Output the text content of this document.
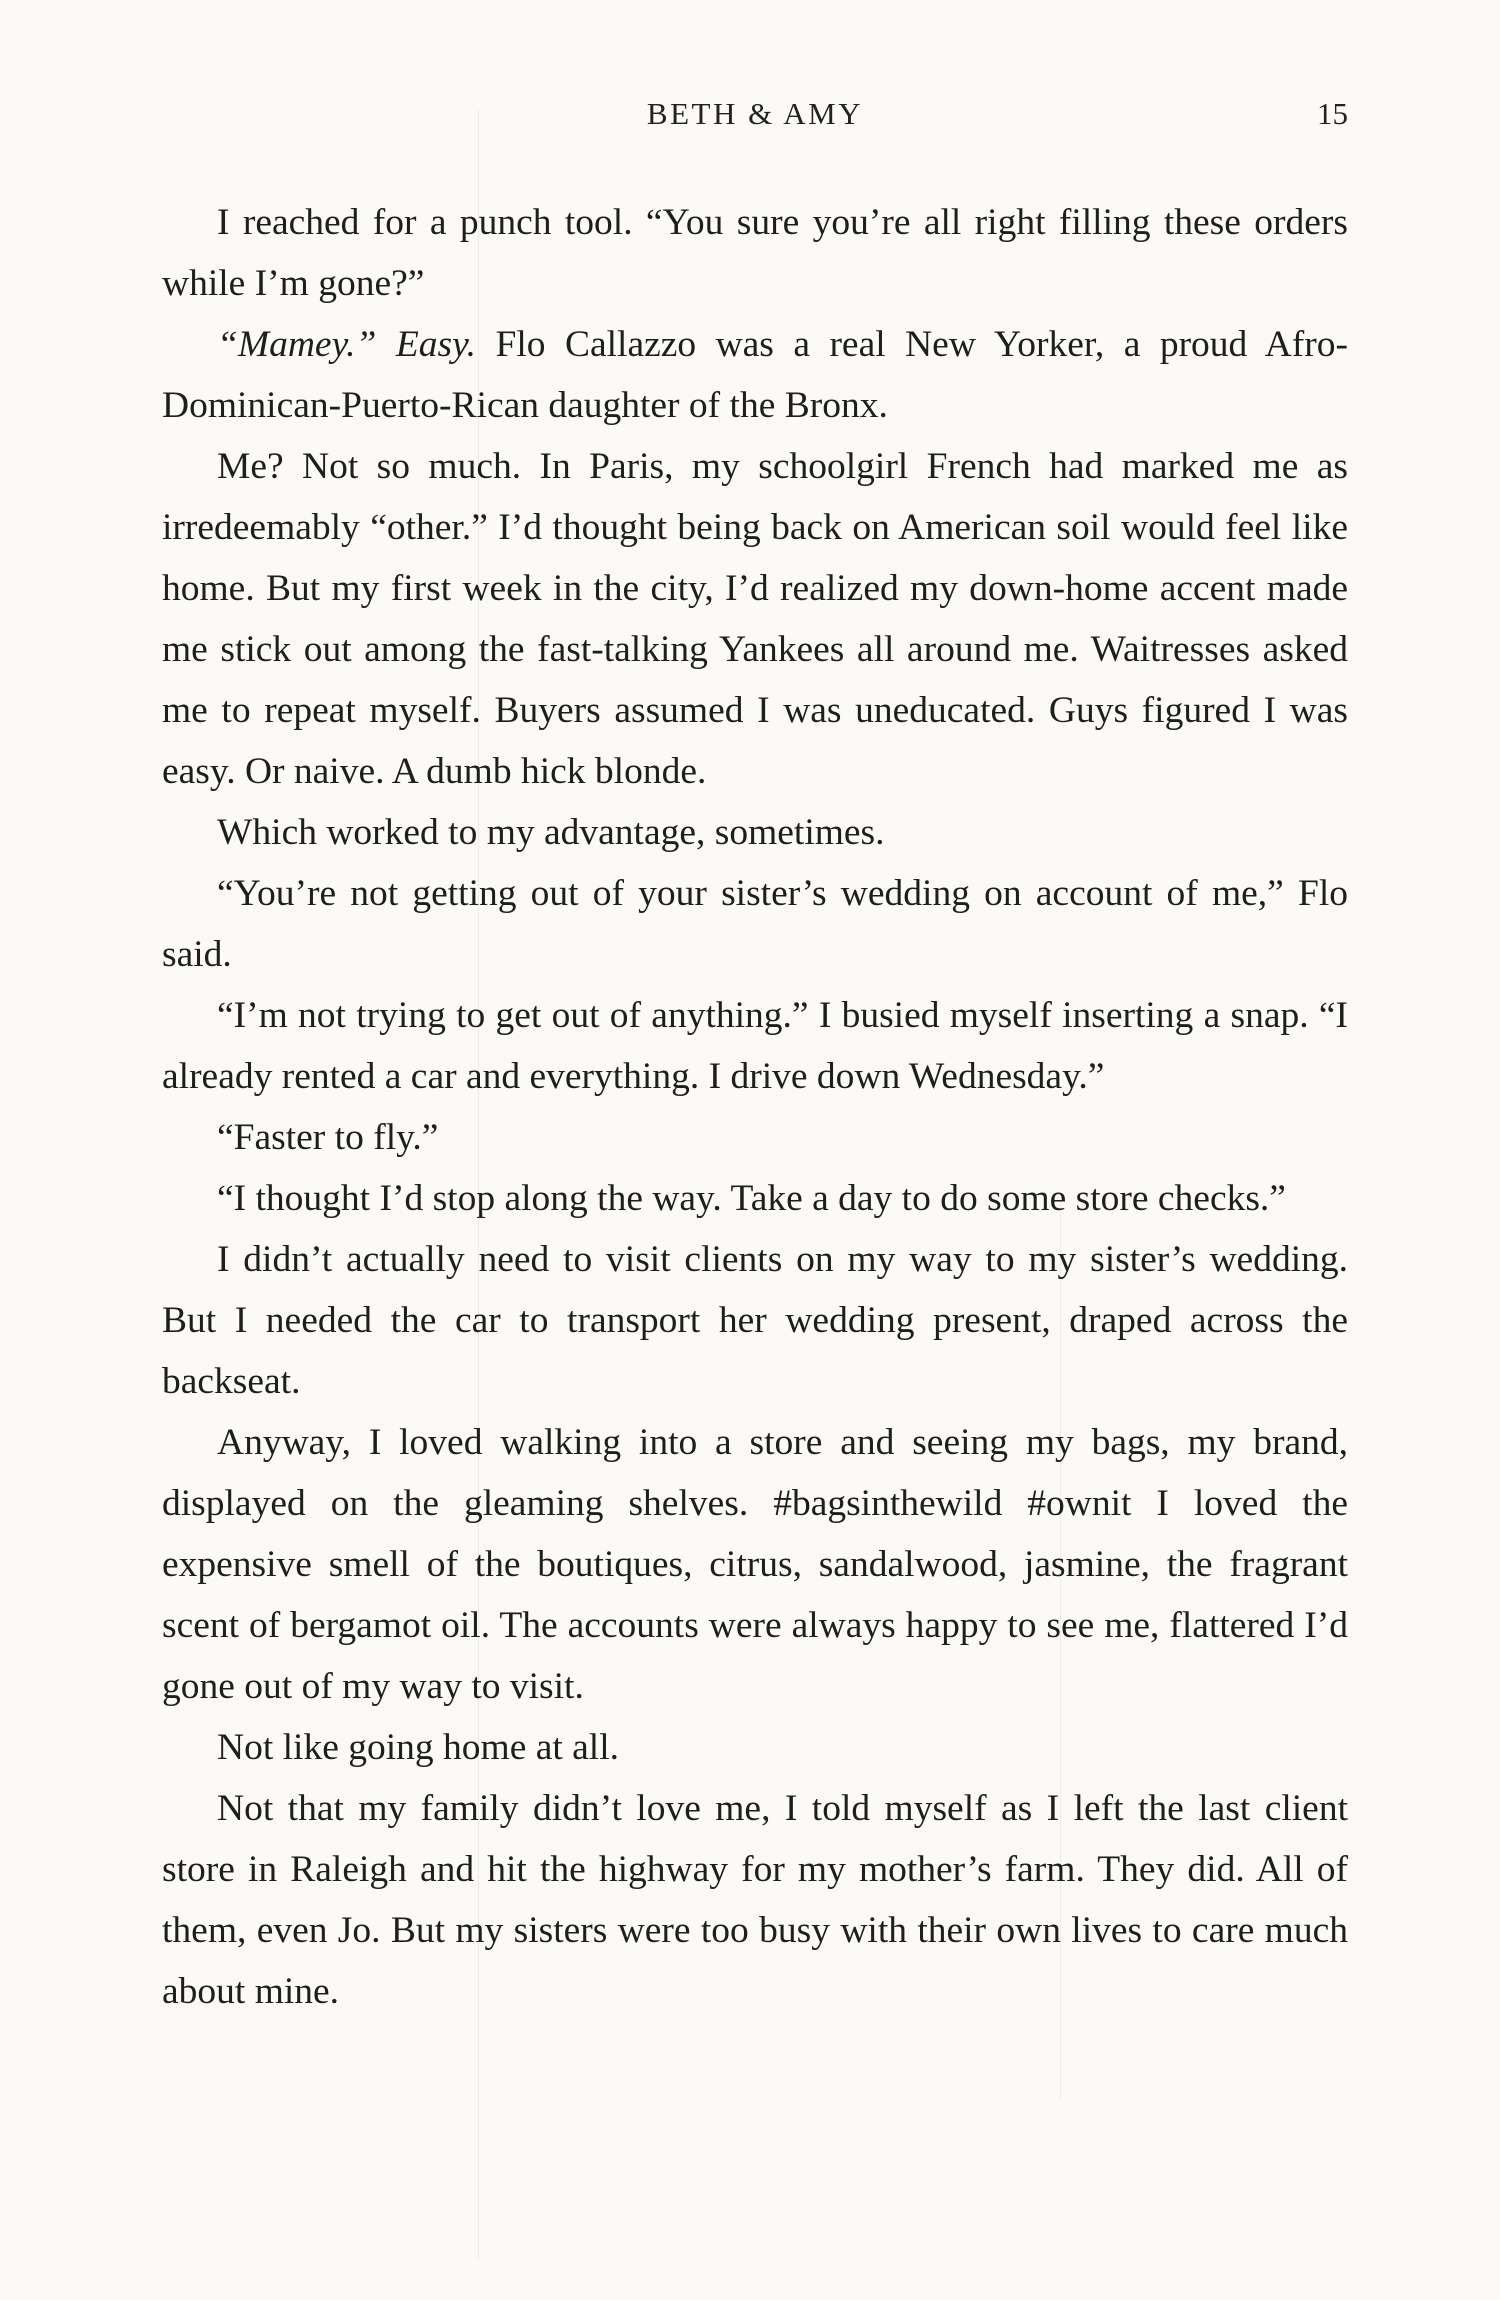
BETH & AMY	15

I reached for a punch tool. “You sure you’re all right filling these orders while I’m gone?”

“Mamey.” Easy. Flo Callazzo was a real New Yorker, a proud Afro-Dominican-Puerto-Rican daughter of the Bronx.

Me? Not so much. In Paris, my schoolgirl French had marked me as irredeemably “other.” I’d thought being back on American soil would feel like home. But my first week in the city, I’d realized my down-home accent made me stick out among the fast-talking Yankees all around me. Waitresses asked me to repeat myself. Buyers assumed I was uneducated. Guys figured I was easy. Or naive. A dumb hick blonde.

Which worked to my advantage, sometimes.

“You’re not getting out of your sister’s wedding on account of me,” Flo said.

“I’m not trying to get out of anything.” I busied myself inserting a snap. “I already rented a car and everything. I drive down Wednesday.”

“Faster to fly.”

“I thought I’d stop along the way. Take a day to do some store checks.”

I didn’t actually need to visit clients on my way to my sister’s wedding. But I needed the car to transport her wedding present, draped across the backseat.

Anyway, I loved walking into a store and seeing my bags, my brand, displayed on the gleaming shelves. #bagsinthewild #ownit I loved the expensive smell of the boutiques, citrus, sandalwood, jasmine, the fragrant scent of bergamot oil. The accounts were always happy to see me, flattered I’d gone out of my way to visit.

Not like going home at all.

Not that my family didn’t love me, I told myself as I left the last client store in Raleigh and hit the highway for my mother’s farm. They did. All of them, even Jo. But my sisters were too busy with their own lives to care much about mine.
